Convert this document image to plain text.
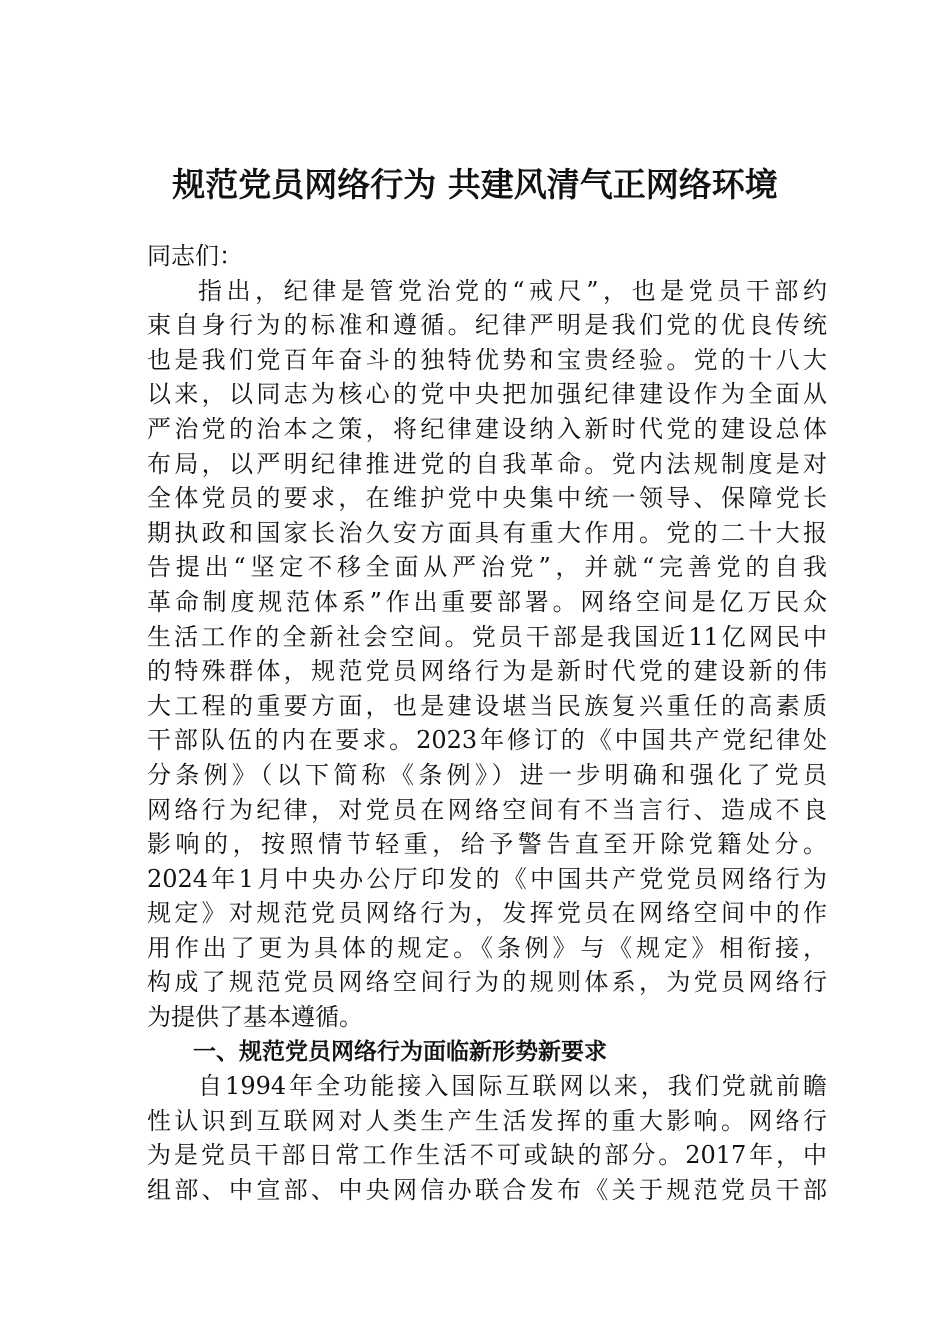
规范党员网络行为 共建风清气正网络环境
同志们：
指出，纪律是管党治党的“戒尺”，也是党员干部约
束自身行为的标准和遵循。纪律严明是我们党的优良传统
也是我们党百年奋斗的独特优势和宝贵经验。党的十八大
以来，以同志为核心的党中央把加强纪律建设作为全面从
严治党的治本之策，将纪律建设纳入新时代党的建设总体
布局，以严明纪律推进党的自我革命。党内法规制度是对
全体党员的要求，在维护党中央集中统一领导、保障党长
期执政和国家长治久安方面具有重大作用。党的二十大报
告提出“坚定不移全面从严治党”，并就“完善党的自我
革命制度规范体系”作出重要部署。网络空间是亿万民众
生活工作的全新社会空间。党员干部是我国近11亿网民中
的特殊群体，规范党员网络行为是新时代党的建设新的伟
大工程的重要方面，也是建设堪当民族复兴重任的高素质
干部队伍的内在要求。2023年修订的《中国共产党纪律处
分条例》（以下简称《条例》）进一步明确和强化了党员
网络行为纪律，对党员在网络空间有不当言行、造成不良
影响的，按照情节轻重，给予警告直至开除党籍处分。
2024年1月中央办公厅印发的《中国共产党党员网络行为
规定》对规范党员网络行为，发挥党员在网络空间中的作
用作出了更为具体的规定。《条例》与《规定》相衔接，
构成了规范党员网络空间行为的规则体系，为党员网络行
为提供了基本遵循。
一、规范党员网络行为面临新形势新要求
自1994年全功能接入国际互联网以来，我们党就前瞻
性认识到互联网对人类生产生活发挥的重大影响。网络行
为是党员干部日常工作生活不可或缺的部分。2017年，中
组部、中宣部、中央网信办联合发布《关于规范党员干部
